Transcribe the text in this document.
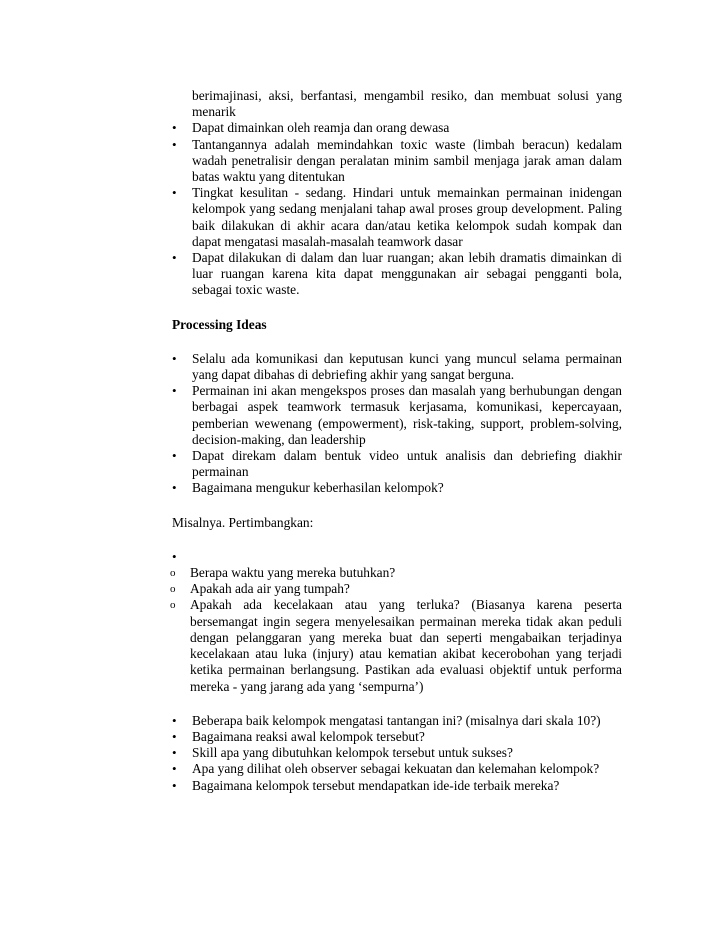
berimajinasi, aksi, berfantasi, mengambil resiko, dan membuat solusi yang menarik
•	Dapat dimainkan oleh reamja dan orang dewasa
•	Tantangannya adalah memindahkan toxic waste (limbah beracun) kedalam wadah penetralisir dengan peralatan minim sambil menjaga jarak aman dalam batas waktu yang ditentukan
•	Tingkat kesulitan - sedang. Hindari untuk memainkan permainan inidengan kelompok yang sedang menjalani tahap awal proses group development. Paling baik dilakukan di akhir acara dan/atau ketika kelompok sudah kompak dan dapat mengatasi masalah-masalah teamwork dasar
•	Dapat dilakukan di dalam dan luar ruangan; akan lebih dramatis dimainkan di luar ruangan karena kita dapat menggunakan air sebagai pengganti bola, sebagai toxic waste.

Processing Ideas

•	Selalu ada komunikasi dan keputusan kunci yang muncul selama permainan yang dapat dibahas di debriefing akhir yang sangat berguna.
•	Permainan ini akan mengekspos proses dan masalah yang berhubungan dengan berbagai aspek teamwork termasuk kerjasama, komunikasi, kepercayaan, pemberian wewenang (empowerment), risk-taking, support, problem-solving, decision-making, dan leadership
•	Dapat direkam dalam bentuk video untuk analisis dan debriefing diakhir permainan
•	Bagaimana mengukur keberhasilan kelompok?

Misalnya. Pertimbangkan:

•

o	Berapa waktu yang mereka butuhkan?
o	Apakah ada air yang tumpah?
o	Apakah ada kecelakaan atau yang terluka? (Biasanya karena peserta bersemangat ingin segera menyelesaikan permainan mereka tidak akan peduli dengan pelanggaran yang mereka buat dan seperti mengabaikan terjadinya kecelakaan atau luka (injury) atau kematian akibat kecerobohan yang terjadi ketika permainan berlangsung. Pastikan ada evaluasi objektif untuk performa mereka - yang jarang ada yang ‘sempurna’)
•	Beberapa baik kelompok mengatasi tantangan ini? (misalnya dari skala 10?)
•	Bagaimana reaksi awal kelompok tersebut?
•	Skill apa yang dibutuhkan kelompok tersebut untuk sukses?
•	Apa yang dilihat oleh observer sebagai kekuatan dan kelemahan kelompok?
•	Bagaimana kelompok tersebut mendapatkan ide-ide terbaik mereka?
